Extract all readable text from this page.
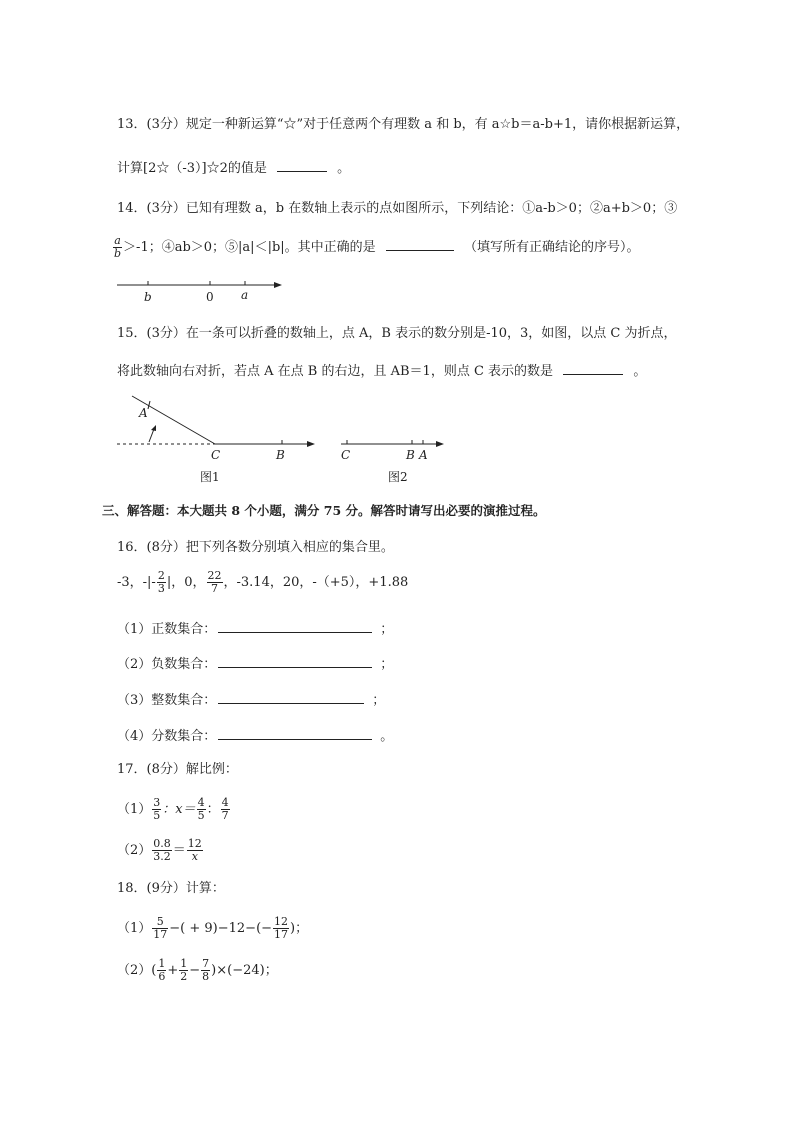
13．(3分）规定一种新运算“☆”对于任意两个有理数 a 和 b，有 a☆b＝a-b+1，请你根据新运算，
计算[2☆（-3）]☆2的值是	。
14．(3分）已知有理数 a，b 在数轴上表示的点如图所示，下列结论：①a-b＞0；②a+b＞0；③
$\frac{a}{b} >-1$；④ab＞0；⑤|a|＜|b|。其中正确的是	（填写所有正确结论的序号）。
b	0 a
15．(3分）在一条可以折叠的数轴上，点 A，B 表示的数分别是-10，3，如图，以点 C 为折点，
将此数轴向右对折，若点 A 在点 B 的右边，且 AB＝1，则点 C 表示的数是	。
A
C	B
图1
C	B A
图2
三、解答题：本大题共 8 个小题，满分 75 分。解答时请写出必要的演推过程。
16．(8分）把下列各数分别填入相应的集合里。
-3，-|- $\frac{2}{3}$ |，0， $\frac{22}{7}$ ，-3.14，20，-（+5），+1.88
（1）正数集合：	；
（2）负数集合：	；
（3）整数集合：	；
（4）分数集合：	。
17．(8分）解比例：
$(1) \frac{3}{5}$ ：$x= \frac{4}{5}$ ： $\frac{4}{7}$
$(2) \frac{0.8}{3.2} = \frac{12}{x}$
18．(9分）计算：
$(1) \frac{5}{17}$ −( + $9)-12-(- \frac{12}{17}$ )；
$(2)( \frac{1}{6} + \frac{1}{2} - \frac{7}{8} )\times(-24)$；
